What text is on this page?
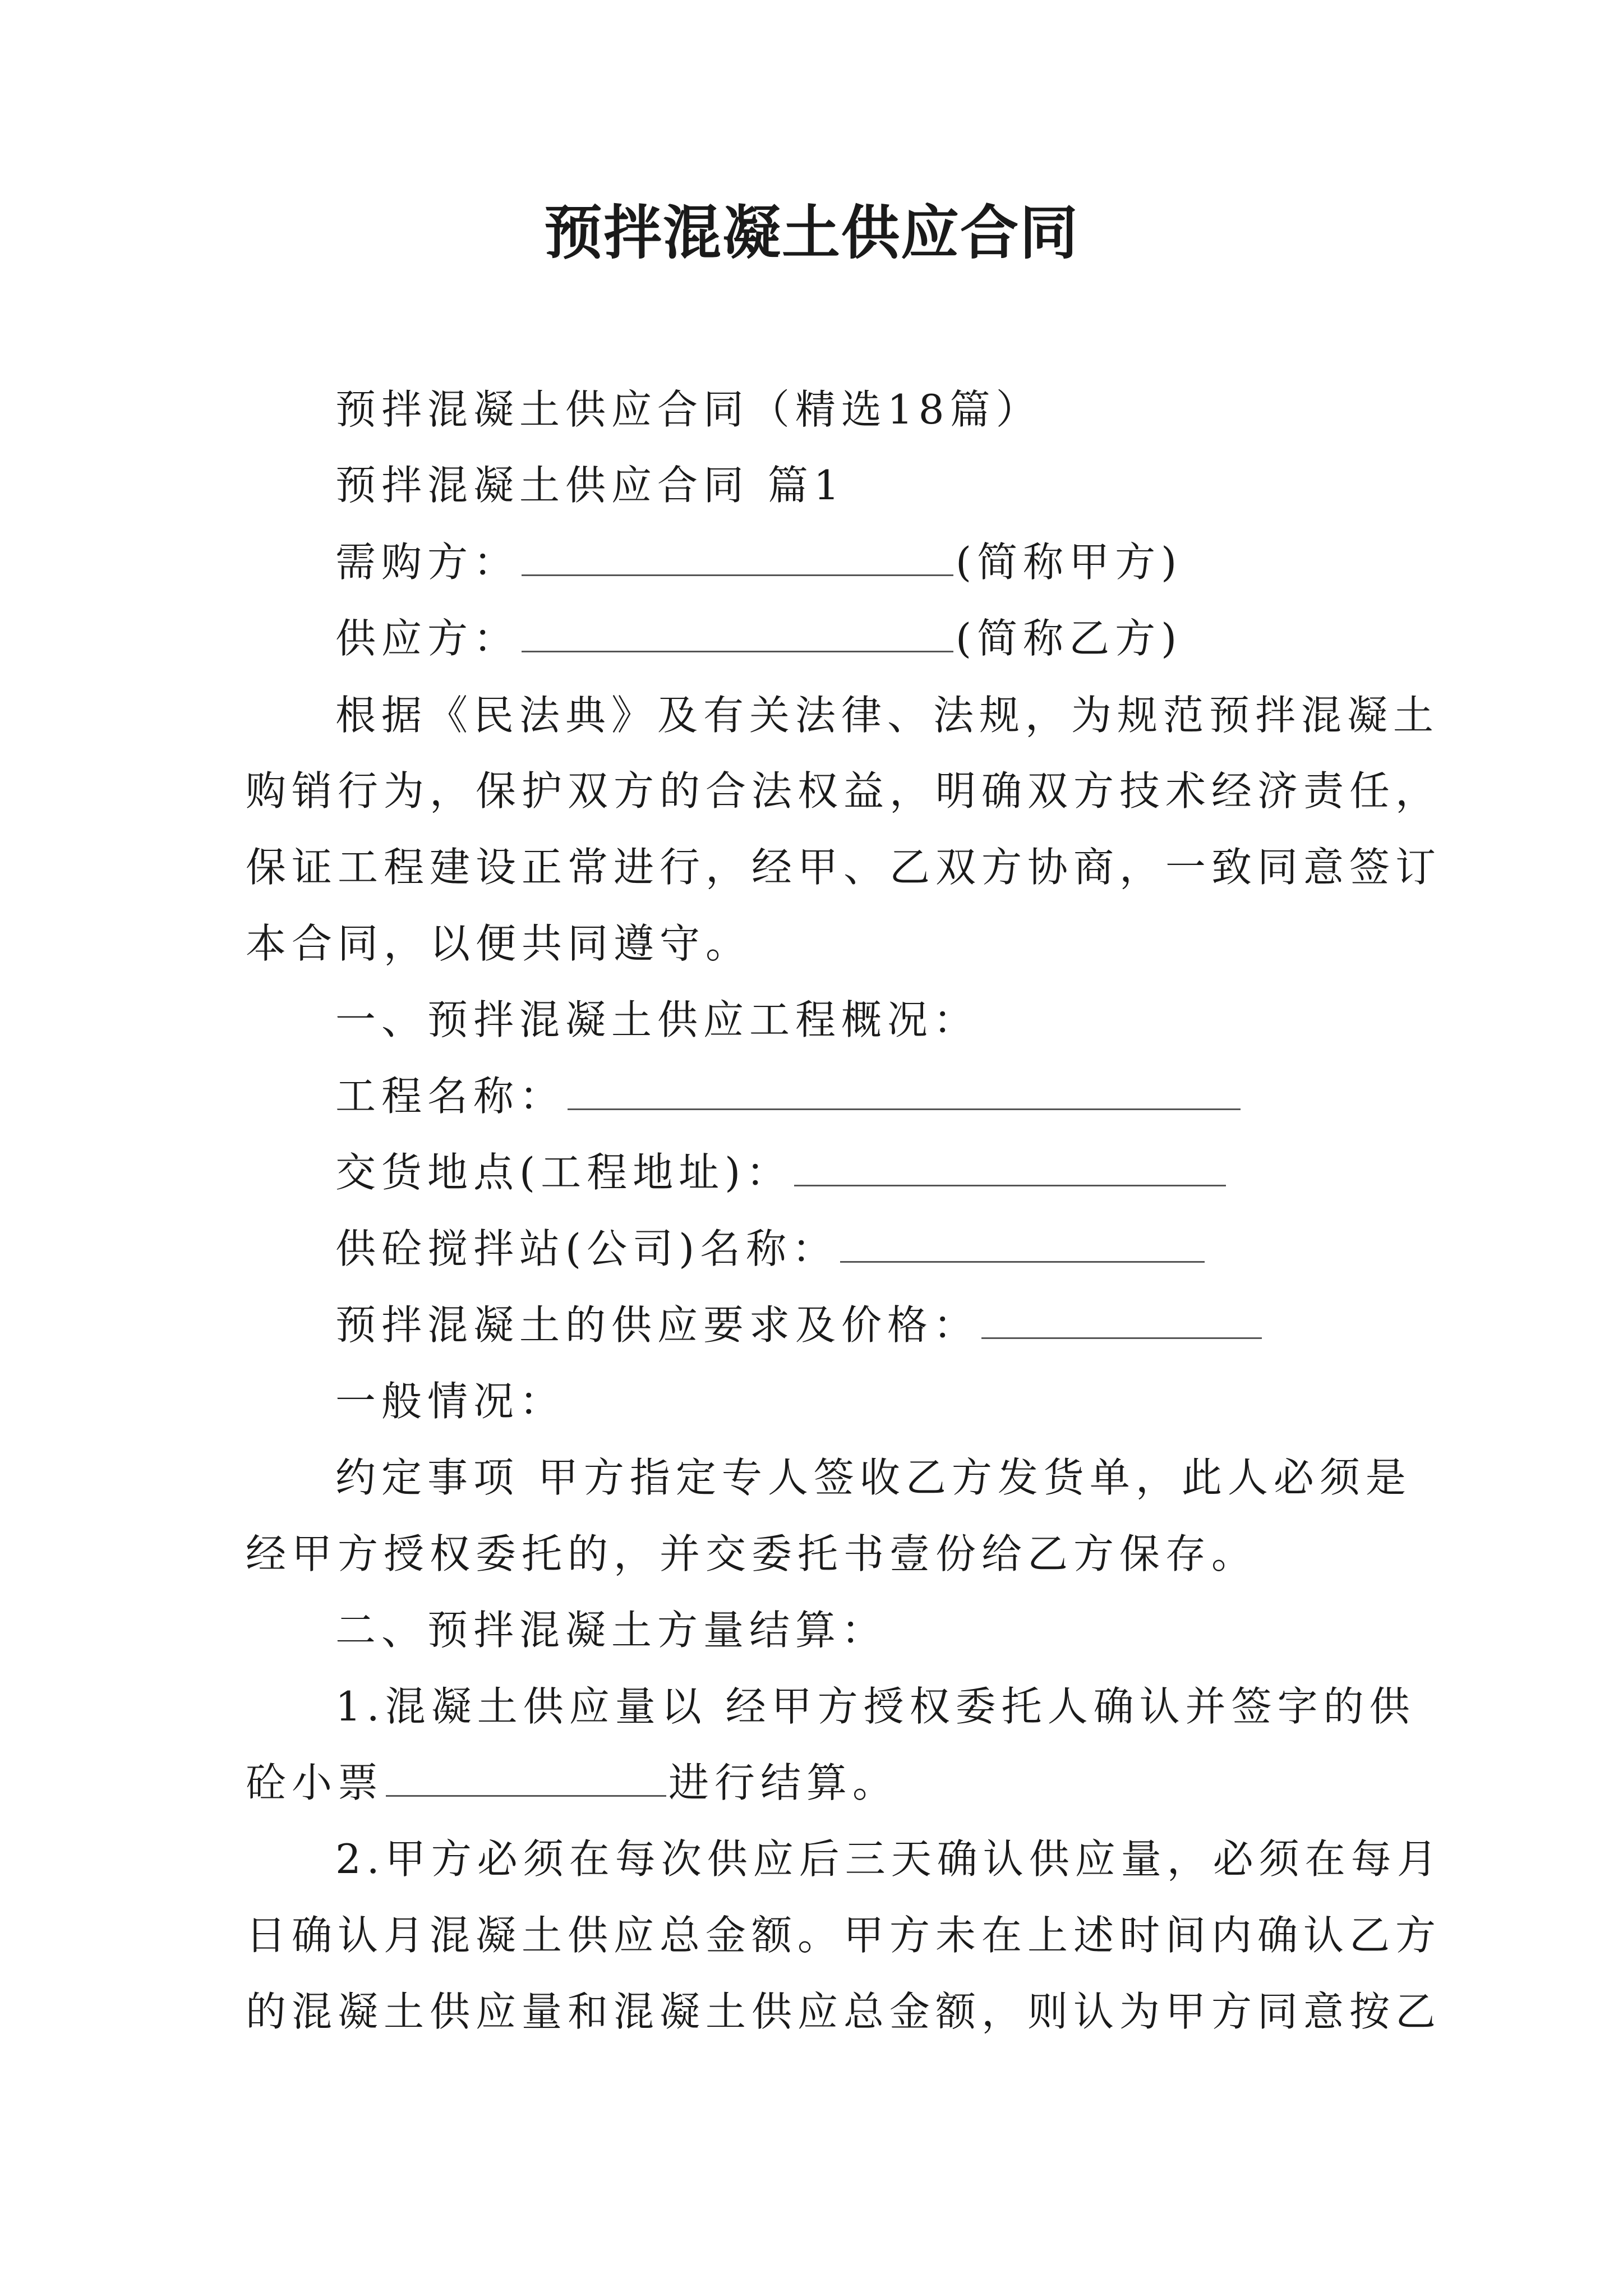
预拌混凝土供应合同
预拌混凝土供应合同（精选18篇）
预拌混凝土供应合同 篇1
需购方：	(简称甲方)
供应方：	(简称乙方)
根据《民法典》及有关法律、法规，为规范预拌混凝土
购销行为，保护双方的合法权益，明确双方技术经济责任，
保证工程建设正常进行，经甲、乙双方协商，一致同意签订
本合同，以便共同遵守。
一、预拌混凝土供应工程概况：
工程名称：
交货地点(工程地址)：
供砼搅拌站(公司)名称：
预拌混凝土的供应要求及价格：
一般情况：
约定事项 甲方指定专人签收乙方发货单，此人必须是
经甲方授权委托的，并交委托书壹份给乙方保存。
二、预拌混凝土方量结算：
1.混凝土供应量以 经甲方授权委托人确认并签字的供
砼小票	进行结算。
2.甲方必须在每次供应后三天确认供应量，必须在每月
日确认月混凝土供应总金额。甲方未在上述时间内确认乙方
的混凝土供应量和混凝土供应总金额，则认为甲方同意按乙
